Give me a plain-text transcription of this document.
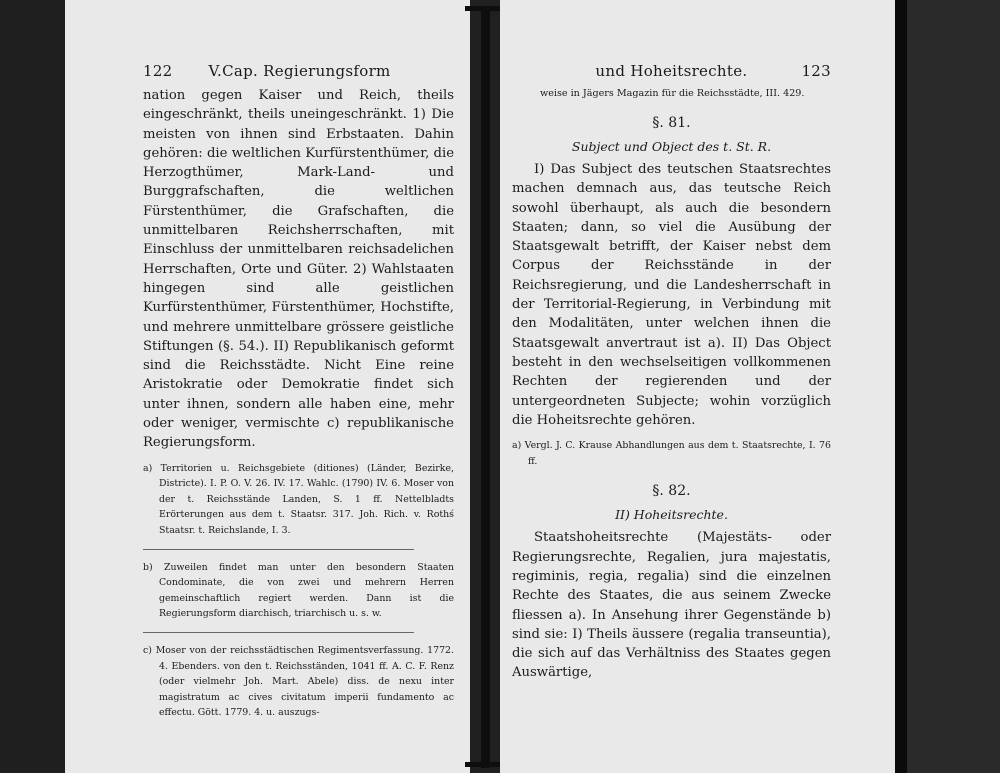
122 V.Cap. Regierungsform

nation gegen Kaiser und Reich, theils eingeschränkt, theils uneingeschränkt. 1) Die meisten von ihnen sind Erbstaaten. Dahin gehören: die weltlichen Kurfürstenthümer, die Herzogthümer, Mark-Land- und Burggrafschaften, die weltlichen Fürstenthümer, die Grafschaften, die unmittelbaren Reichsherrschaften, mit Einschluss der unmittelbaren reichsadelichen Herrschaften, Orte und Güter. 2) Wahlstaaten hingegen sind alle geistlichen Kurfürstenthümer, Fürstenthümer, Hochstifte, und mehrere unmittelbare grössere geistliche Stiftungen (§. 54.). II) Republikanisch geformt sind die Reichsstädte. Nicht Eine reine Aristokratie oder Demokratie findet sich unter ihnen, sondern alle haben eine, mehr oder weniger, vermischte c) republikanische Regierungsform.

a) Territorien u. Reichsgebiete (ditiones) (Länder, Bezirke, Districte). I. P. O. V. 26. IV. 17. Wahlc. (1790) IV. 6. Moser von der t. Reichsstände Landen, S. 1 ff. Nettelbladts Erörterungen aus dem t. Staatsr. 317. Joh. Rich. v. Rothś Staatsr. t. Reichslande, I. 3.

b) Zuweilen findet man unter den besondern Staaten Condominate, die von zwei und mehrern Herren gemeinschaftlich regiert werden. Dann ist die Regierungsform diarchisch, triarchisch u. s. w.

c) Moser von der reichsstädtischen Regimentsverfassung. 1772. 4. Ebenders. von den t. Reichsständen, 1041 ff. A. C. F. Renz (oder vielmehr Joh. Mart. Abele) diss. de nexu inter magistratum ac cives civitatum imperii fundamento ac effectu. Gött. 1779. 4. u. auszugs-

und Hoheitsrechte.	123
weise in Jägers Magazin für die Reichsstädte, III. 429.
§. 81.
Subject und Object des t. St. R.

I) Das Subject des teutschen Staatsrechtes machen demnach aus, das teutsche Reich sowohl überhaupt, als auch die besondern Staaten; dann, so viel die Ausübung der Staatsgewalt betrifft, der Kaiser nebst dem Corpus der Reichsstände in der Reichsregierung, und die Landesherrschaft in der Territorial-Regierung, in Verbindung mit den Modalitäten, unter welchen ihnen die Staatsgewalt anvertraut ist a). II) Das Object besteht in den wechselseitigen vollkommenen Rechten der regierenden und der untergeordneten Subjecte; wohin vorzüglich die Hoheitsrechte gehören.

a) Vergl. J. C. Krause Abhandlungen aus dem t. Staatsrechte, I. 76 ff.

§. 82.
II) Hoheitsrechte.

Staatshoheitsrechte (Majestäts- oder Regierungsrechte, Regalien, jura majestatis, regiminis, regia, regalia) sind die einzelnen Rechte des Staates, die aus seinem Zwecke fliessen a). In Ansehung ihrer Gegenstände b) sind sie: I) Theils äussere (regalia transeuntia), die sich auf das Verhältniss des Staates gegen Auswärtige,
